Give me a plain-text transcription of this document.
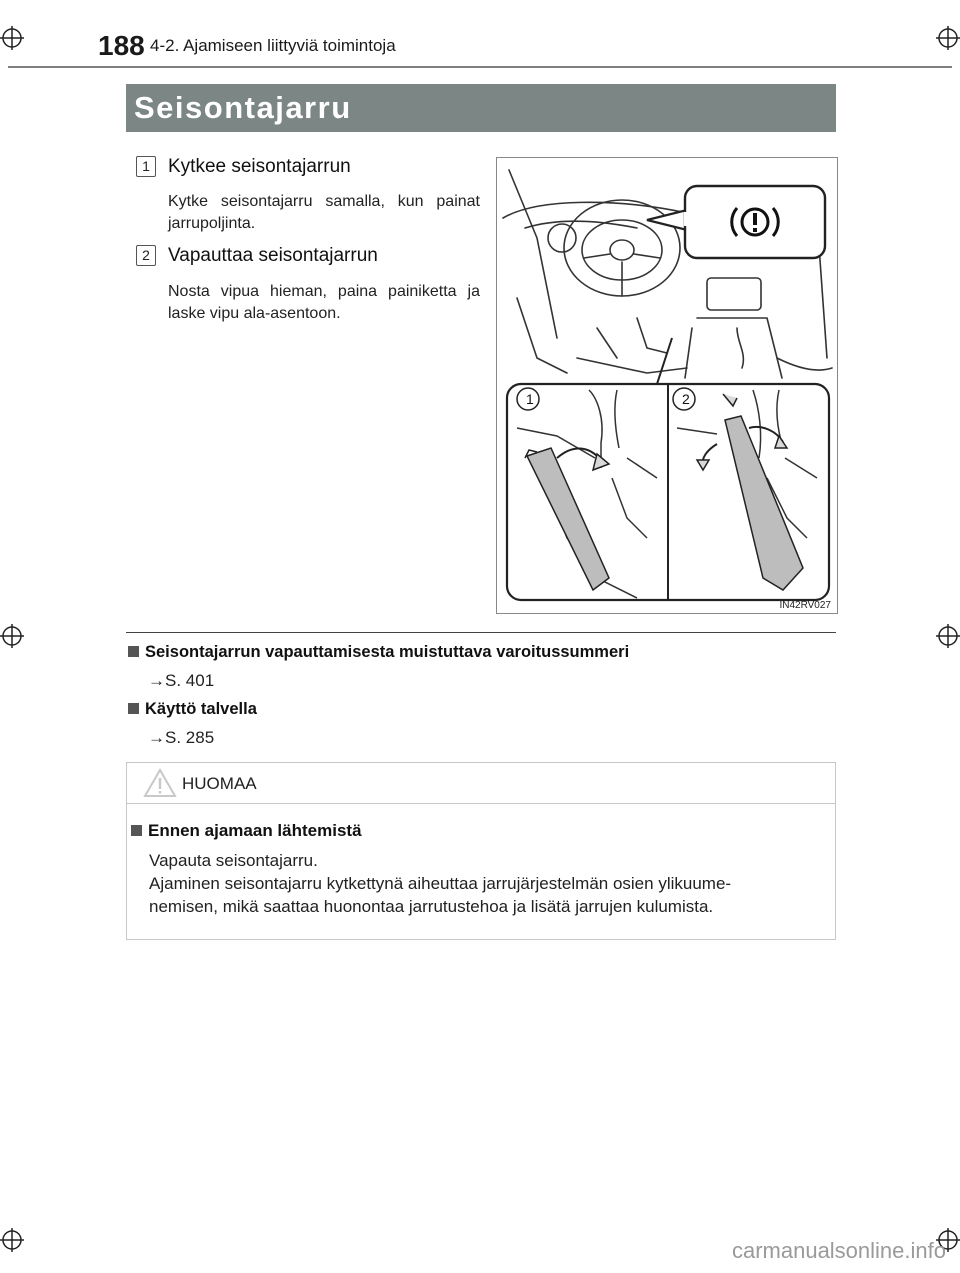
188 4-2. Ajamiseen liittyviä toimintoja
Seisontajarru
1 Kytkee seisontajarrun
Kytke seisontajarru samalla, kun painat jarrupoljinta.
2 Vapauttaa seisontajarrun
Nosta vipua hieman, paina painiketta ja laske vipu ala-asentoon.
1	2
IN42RV027
Seisontajarrun vapauttamisesta muistuttava varoitussummeri
→S. 401
Käyttö talvella
→S. 285
HUOMAA
Ennen ajamaan lähtemistä
Vapauta seisontajarru.
Ajaminen seisontajarru kytkettynä aiheuttaa jarrujärjestelmän osien ylikuume-
nemisen, mikä saattaa huonontaa jarrutustehoa ja lisätä jarrujen kulumista.
carmanualsonline.info
